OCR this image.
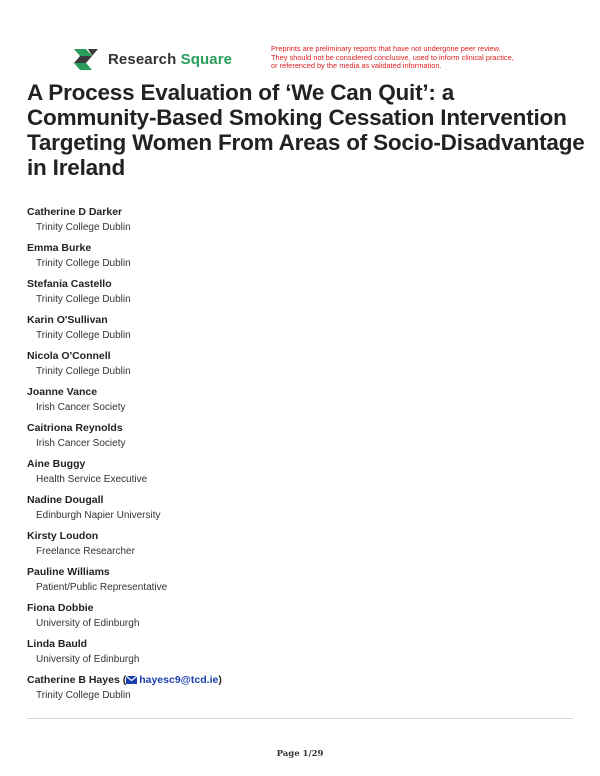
Research Square
Preprints are preliminary reports that have not undergone peer review.
They should not be considered conclusive, used to inform clinical practice,
or referenced by the media as validated information.
A Process Evaluation of ‘We Can Quit’: a Community-Based Smoking Cessation Intervention Targeting Women From Areas of Socio-Disadvantage in Ireland
Catherine D Darker
Trinity College Dublin
Emma Burke
Trinity College Dublin
Stefania Castello
Trinity College Dublin
Karin O'Sullivan
Trinity College Dublin
Nicola O'Connell
Trinity College Dublin
Joanne Vance
Irish Cancer Society
Caitriona Reynolds
Irish Cancer Society
Aine Buggy
Health Service Executive
Nadine Dougall
Edinburgh Napier University
Kirsty Loudon
Freelance Researcher
Pauline Williams
Patient/Public Representative
Fiona Dobbie
University of Edinburgh
Linda Bauld
University of Edinburgh
Catherine B Hayes ( hayesc9@tcd.ie)
Trinity College Dublin
Page 1/29
